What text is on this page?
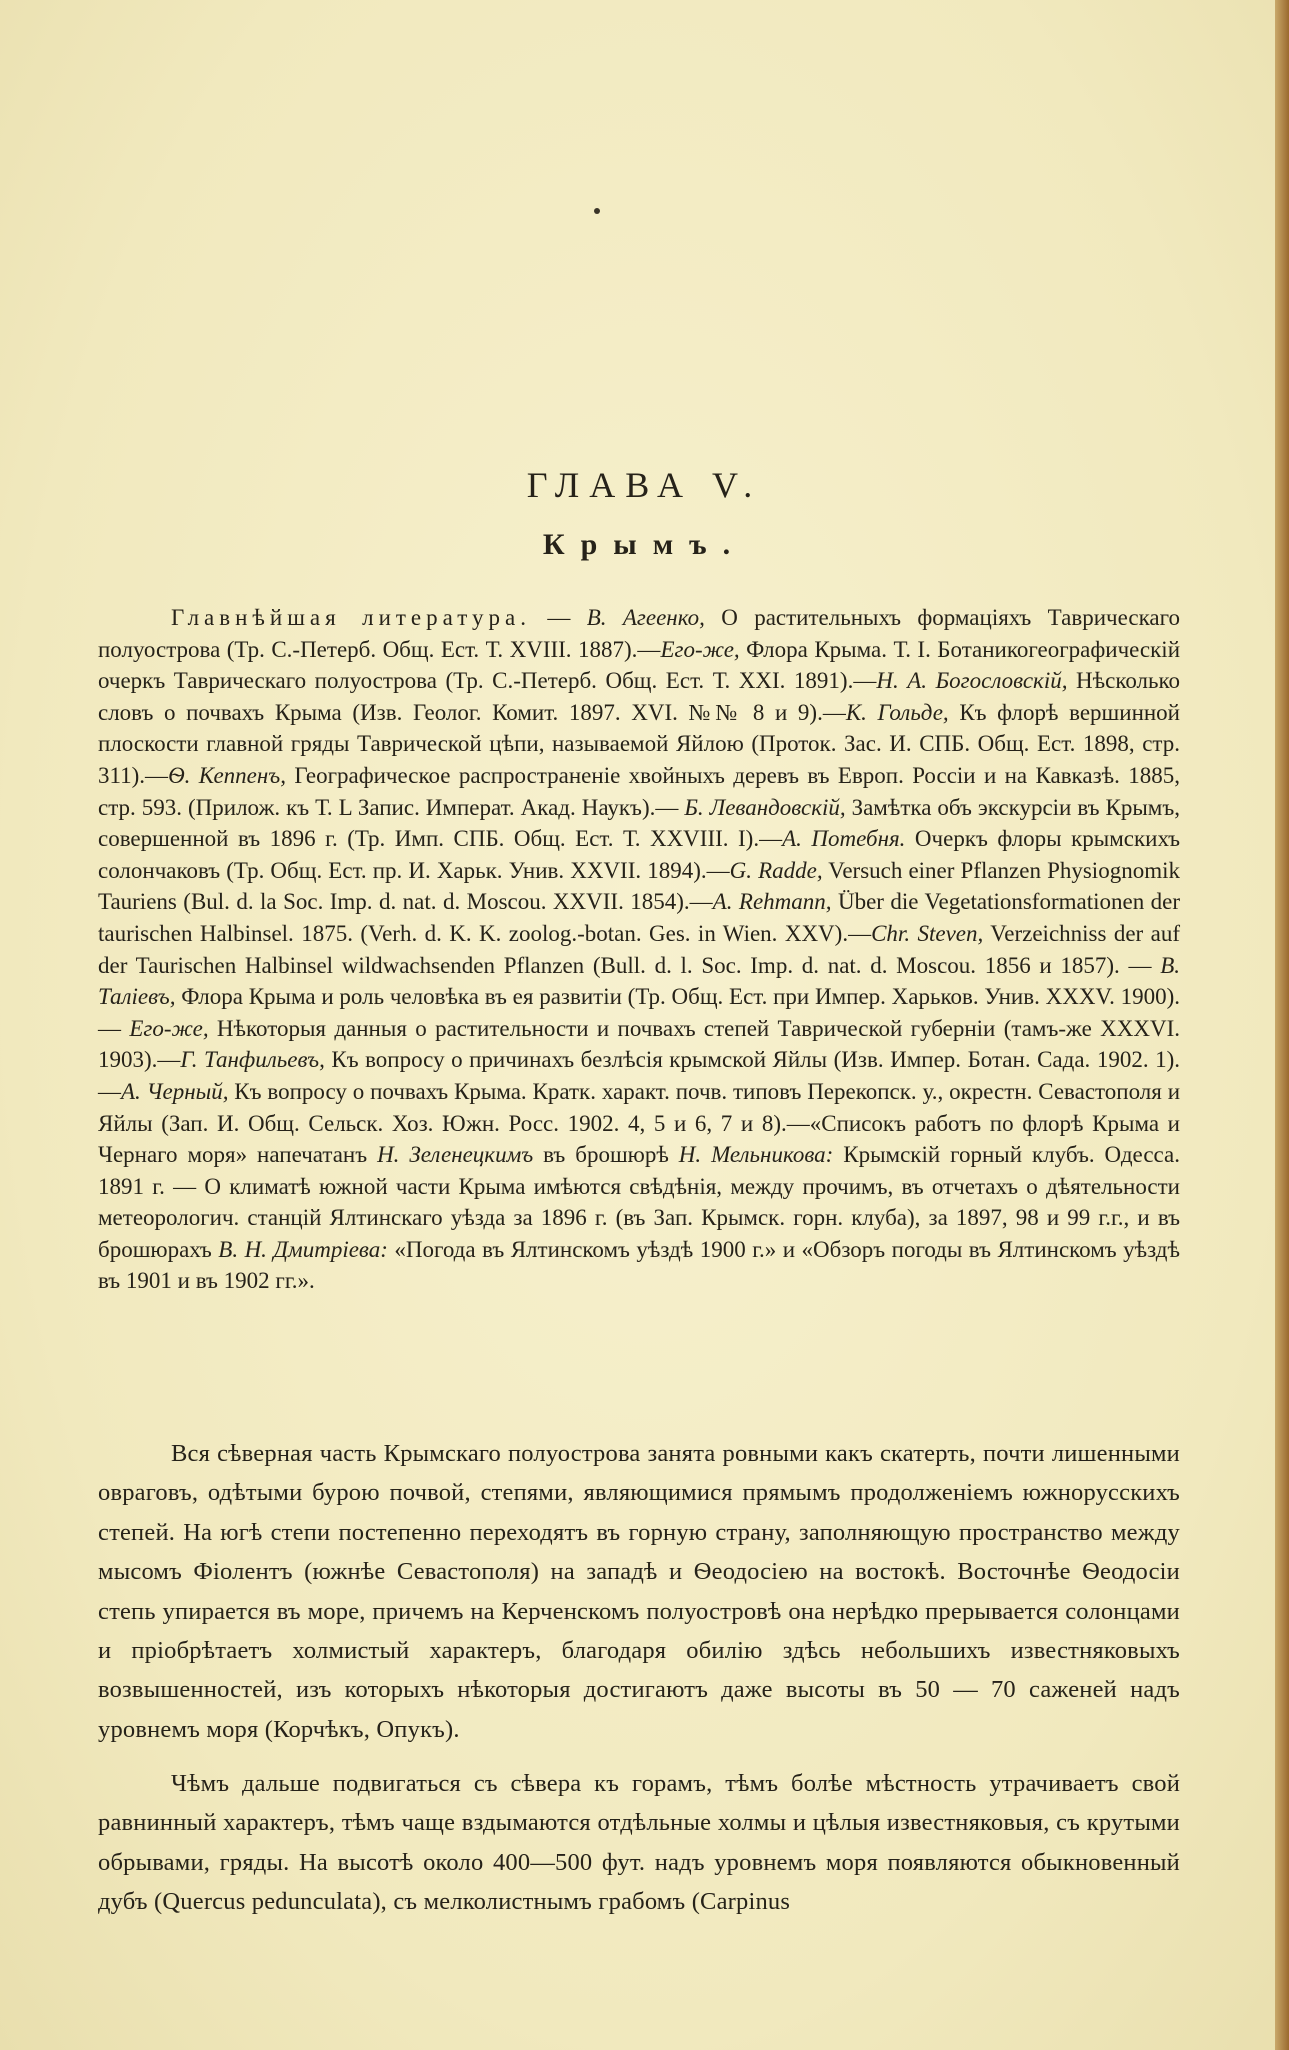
ГЛАВА V.
Крымъ.
Главнѣйшая литература. — В. Агеенко, О растительныхъ формацiяхъ Таврическаго полуострова (Тр. С.-Петерб. Общ. Ест. Т. XVIII. 1887).—Его-же, Флора Крыма. Т. I. Ботаникогеографическiй очеркъ Таврическаго полуострова (Тр. С.-Петерб. Общ. Ест. Т. XXI. 1891).—Н. А. Богословскiй, Нѣсколько словъ о почвахъ Крыма (Изв. Геолог. Комит. 1897. XVI. №№ 8 и 9).—К. Гольде, Къ флорѣ вершинной плоскости главной гряды Таврической цѣпи, называемой Яйлою (Проток. Зас. И. СПБ. Общ. Ест. 1898, стр. 311).—Ѳ. Кеппенъ, Географическое распространенiе хвойныхъ деревъ въ Европ. Россiи и на Кавказѣ. 1885, стр. 593. (Прилож. къ Т. L Запис. Императ. Акад. Наукъ).— Б. Левандовскiй, Замѣтка объ экскурсiи въ Крымъ, совершенной въ 1896 г. (Тр. Имп. СПБ. Общ. Ест. Т. XXVIII. I).—А. Потебня. Очеркъ флоры крымскихъ солончаковъ (Тр. Общ. Ест. пр. И. Харьк. Унив. XXVII. 1894).—G. Radde, Versuch einer Pflanzen Physiognomik Tauriens (Bul. d. la Soc. Imp. d. nat. d. Moscou. XXVII. 1854).—A. Rehmann, Über die Vegetationsformationen der taurischen Halbinsel. 1875. (Verh. d. K. K. zoolog.-botan. Ges. in Wien. XXV).—Chr. Steven, Verzeichniss der auf der Taurischen Halbinsel wildwachsenden Pflanzen (Bull. d. l. Soc. Imp. d. nat. d. Moscou. 1856 и 1857). — В. Талiевъ, Флора Крыма и роль человѣка въ ея развитiи (Тр. Общ. Ест. при Импер. Харьков. Унив. XXXV. 1900). — Его-же, Нѣкоторыя данныя о растительности и почвахъ степей Таврической губернiи (тамъ-же XXXVI. 1903).—Г. Танфильевъ, Къ вопросу о причинахъ безлѣсiя крымской Яйлы (Изв. Импер. Ботан. Сада. 1902. 1).—А. Черный, Къ вопросу о почвахъ Крыма. Кратк. характ. почв. типовъ Перекопск. у., окрестн. Севастополя и Яйлы (Зап. И. Общ. Сельск. Хоз. Южн. Росс. 1902. 4, 5 и 6, 7 и 8).—«Списокъ работъ по флорѣ Крыма и Чернаго моря» напечатанъ Н. Зеленецкимъ въ брошюрѣ Н. Мельникова: Крымскiй горный клубъ. Одесса. 1891 г. — О климатѣ южной части Крыма имѣются свѣдѣнiя, между прочимъ, въ отчетахъ о дѣятельности метеорологич. станцiй Ялтинскаго уѣзда за 1896 г. (въ Зап. Крымск. горн. клуба), за 1897, 98 и 99 г.г., и въ брошюрахъ В. Н. Дмитрiева: «Погода въ Ялтинскомъ уѣздѣ 1900 г.» и «Обзоръ погоды въ Ялтинскомъ уѣздѣ въ 1901 и въ 1902 гг.».
Вся сѣверная часть Крымскаго полуострова занята ровными какъ скатерть, почти лишенными овраговъ, одѣтыми бурою почвой, степями, являющимися прямымъ продолженiемъ южнорусскихъ степей. На югѣ степи постепенно переходятъ въ горную страну, заполняющую пространство между мысомъ Фiолентъ (южнѣе Севастополя) на западѣ и Ѳеодосiею на востокѣ. Восточнѣе Ѳеодосiи степь упирается въ море, причемъ на Керченскомъ полуостровѣ она нерѣдко прерывается солонцами и прiобрѣтаетъ холмистый характеръ, благодаря обилiю здѣсь небольшихъ известняковыхъ возвышенностей, изъ которыхъ нѣкоторыя достигаютъ даже высоты въ 50 — 70 саженей надъ уровнемъ моря (Корчѣкъ, Опукъ).
Чѣмъ дальше подвигаться съ сѣвера къ горамъ, тѣмъ болѣе мѣстность утрачиваетъ свой равнинный характеръ, тѣмъ чаще вздымаются отдѣльные холмы и цѣлыя известняковыя, съ крутыми обрывами, гряды. На высотѣ около 400—500 фут. надъ уровнемъ моря появляются обыкновенный дубъ (Quercus pedunculata), съ мелколистнымъ грабомъ (Carpinus
